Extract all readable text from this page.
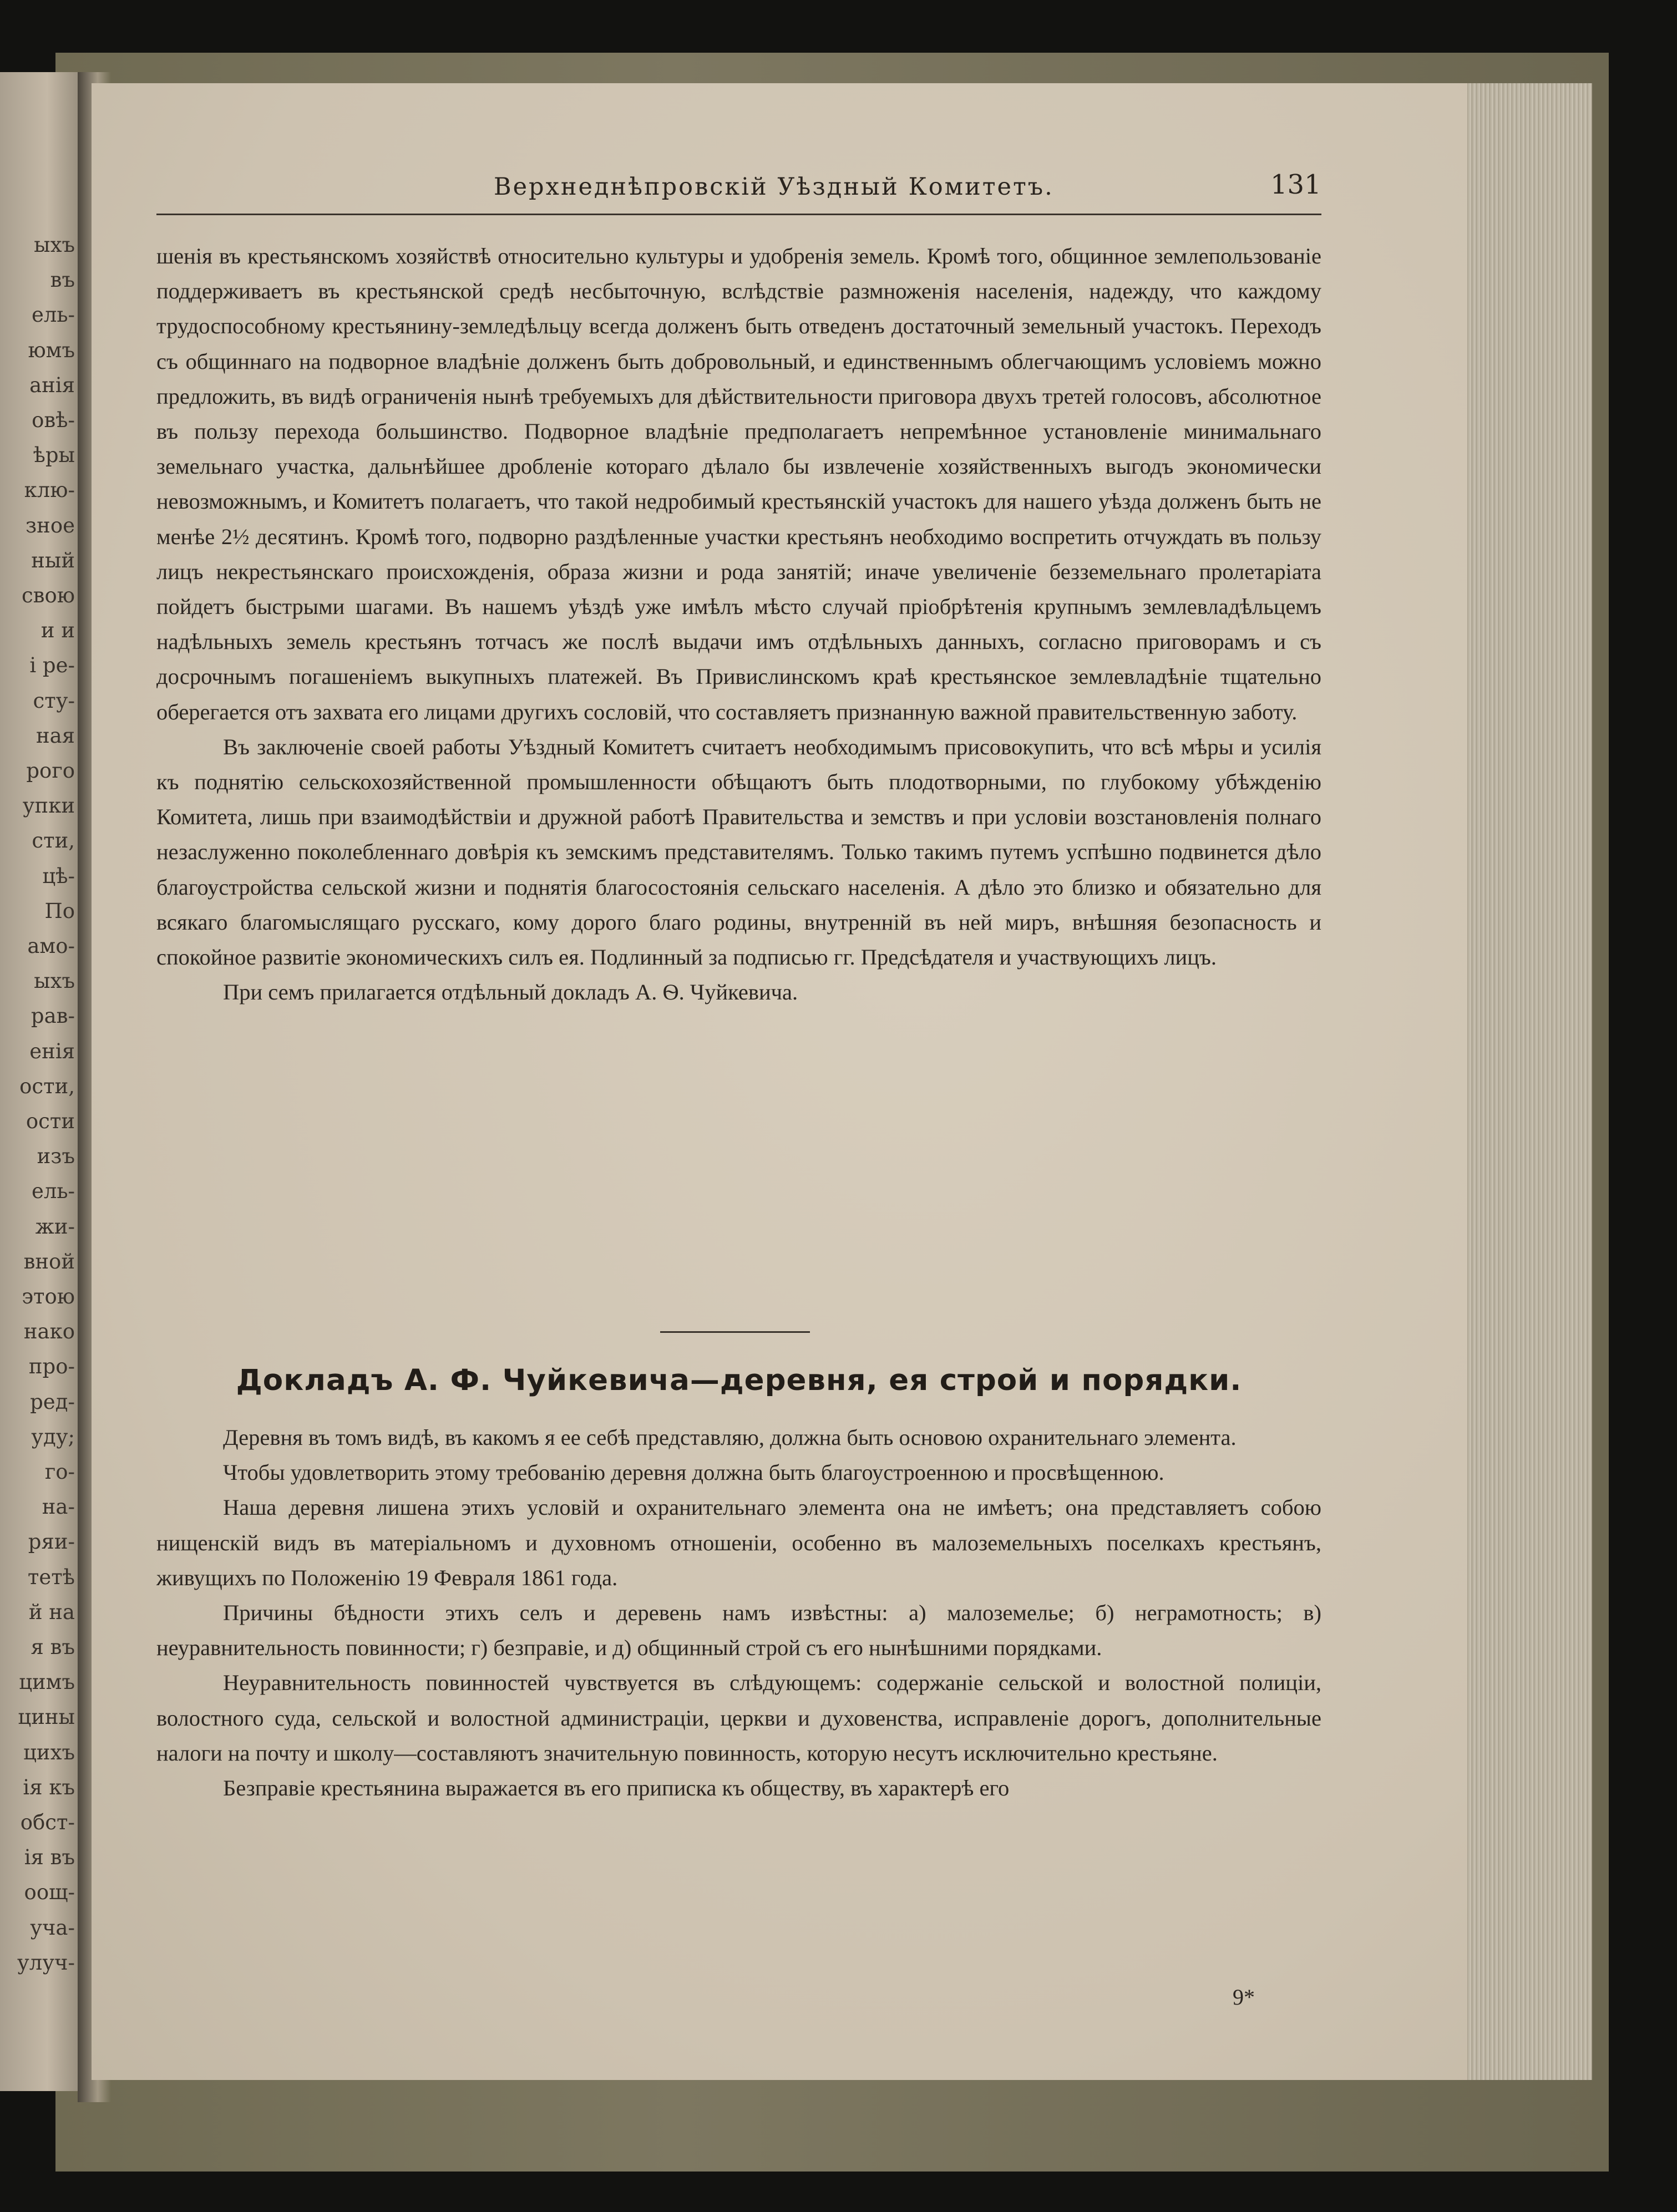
ыхъ
въ
ель-
юмъ
анія
овѣ-
ѣры
клю-
зное
ный
свою
и и
і ре-
сту-
ная
рого
упки
сти,
цѣ-
По
амо-
ыхъ
рав-
енія
ости,
ости
изъ
ель-
жи-
вной
этою
нако
про-
ред-
уду;
го-
на-
ряи-
тетѣ
й на
я въ
цимъ
цины
цихъ
ія къ
обст-
ія въ
оощ-
уча-
улуч-
Верхнеднѣпровскій Уѣздный Комитетъ.	131

шенія въ крестьянскомъ хозяйствѣ относительно культуры и удобренія земель. Кромѣ того, общинное землепользованіе поддерживаетъ въ крестьянской средѣ несбыточную, вслѣдствіе размноженія населенія, надежду, что каждому трудоспособному крестьянину-земледѣльцу всегда долженъ быть отведенъ достаточный земельный участокъ. Переходъ съ общиннаго на подворное владѣніе долженъ быть добровольный, и единственнымъ облегчающимъ условіемъ можно предложить, въ видѣ ограниченія нынѣ требуемыхъ для дѣйствительности приговора двухъ третей голосовъ, абсолютное въ пользу перехода большинство. Подворное владѣніе предполагаетъ непремѣнное установленіе минимальнаго земельнаго участка, дальнѣйшее дробленіе котораго дѣлало бы извлеченіе хозяйственныхъ выгодъ экономически невозможнымъ, и Комитетъ полагаетъ, что такой недробимый крестьянскій участокъ для нашего уѣзда долженъ быть не менѣе 2½ десятинъ. Кромѣ того, подворно раздѣленные участки крестьянъ необходимо воспретить отчуждать въ пользу лицъ некрестьянскаго происхожденія, образа жизни и рода занятій; иначе увеличеніе безземельнаго пролетаріата пойдетъ быстрыми шагами. Въ нашемъ уѣздѣ уже имѣлъ мѣсто случай пріобрѣтенія крупнымъ землевладѣльцемъ надѣльныхъ земель крестьянъ тотчасъ же послѣ выдачи имъ отдѣльныхъ данныхъ, согласно приговорамъ и съ досрочнымъ погашеніемъ выкупныхъ платежей. Въ Привислинскомъ краѣ крестьянское землевладѣніе тщательно оберегается отъ захвата его лицами другихъ сословій, что составляетъ признанную важной правительственную заботу.

Въ заключеніе своей работы Уѣздный Комитетъ считаетъ необходимымъ присовокупить, что всѣ мѣры и усилія къ поднятію сельскохозяйственной промышленности обѣщаютъ быть плодотворными, по глубокому убѣжденію Комитета, лишь при взаимодѣйствіи и дружной работѣ Правительства и земствъ и при условіи возстановленія полнаго незаслуженно поколебленнаго довѣрія къ земскимъ представителямъ. Только такимъ путемъ успѣшно подвинется дѣло благоустройства сельской жизни и поднятія благосостоянія сельскаго населенія. А дѣло это близко и обязательно для всякаго благомыслящаго русскаго, кому дорого благо родины, внутренній въ ней миръ, внѣшняя безопасность и спокойное развитіе экономическихъ силъ ея. Подлинный за подписью гг. Предсѣдателя и участвующихъ лицъ.

При семъ прилагается отдѣльный докладъ А. Ѳ. Чуйкевича.

Докладъ А. Ф. Чуйкевича—деревня, ея строй и порядки.

Деревня въ томъ видѣ, въ какомъ я ее себѣ представляю, должна быть основою охранительнаго элемента.

Чтобы удовлетворить этому требованію деревня должна быть благоустроенною и просвѣщенною.

Наша деревня лишена этихъ условій и охранительнаго элемента она не имѣетъ; она представляетъ собою нищенскій видъ въ матеріальномъ и духовномъ отношеніи, особенно въ малоземельныхъ поселкахъ крестьянъ, живущихъ по Положенію 19 Февраля 1861 года.

Причины бѣдности этихъ селъ и деревень намъ извѣстны: а) малоземелье; б) неграмотность; в) неуравнительность повинности; г) безправіе, и д) общинный строй съ его нынѣшними порядками.

Неуравнительность повинностей чувствуется въ слѣдующемъ: содержаніе сельской и волостной полиціи, волостного суда, сельской и волостной администраціи, церкви и духовенства, исправленіе дорогъ, дополнительные налоги на почту и школу—составляютъ значительную повинность, которую несутъ исключительно крестьяне.

Безправіе крестьянина выражается въ его приписка къ обществу, въ характерѣ его

9*
